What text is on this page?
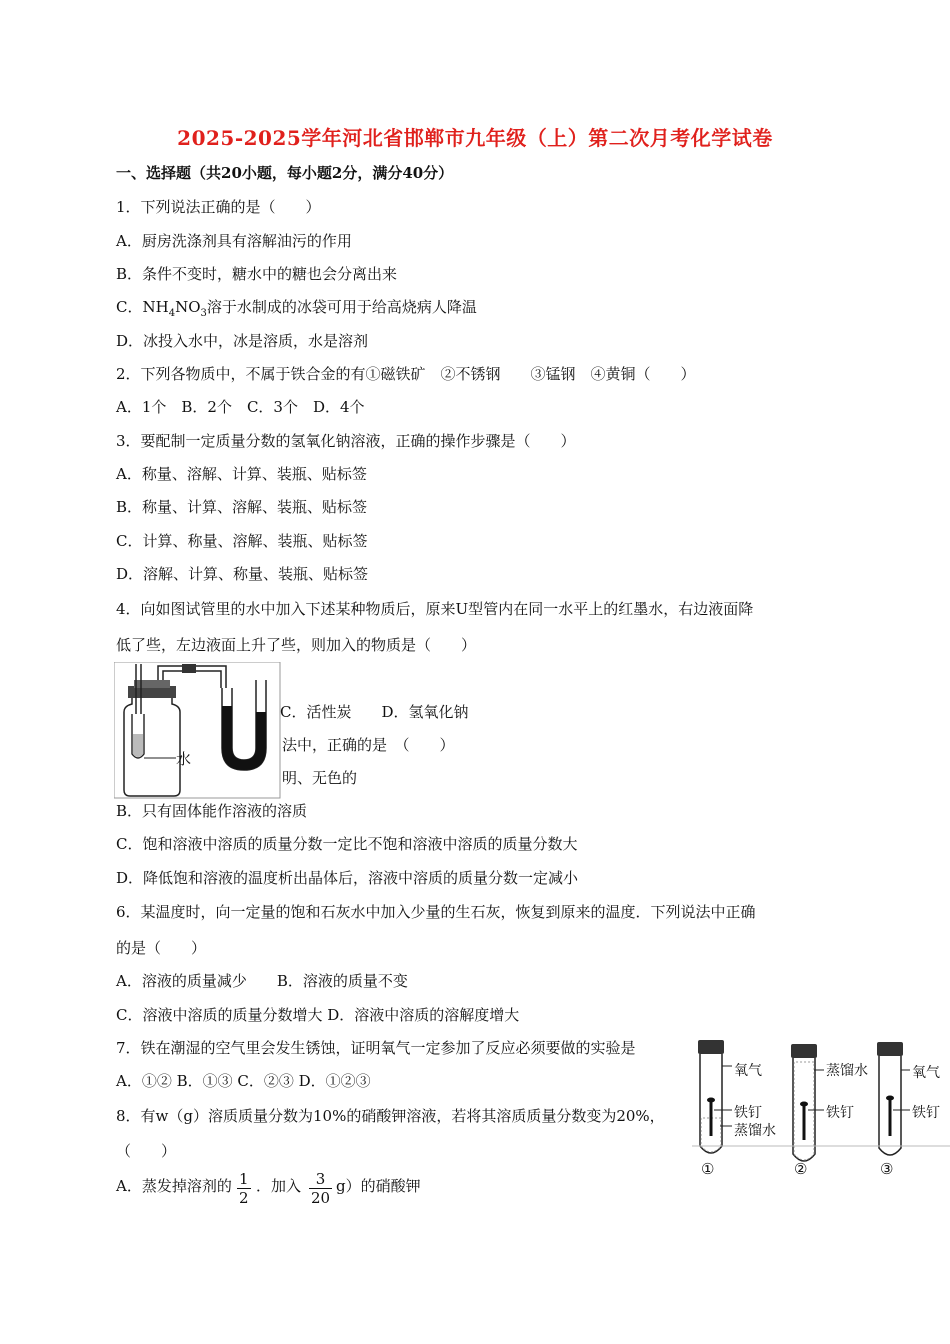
2025-2025学年河北省邯郸市九年级（上）第二次月考化学试卷
一、选择题（共20小题，每小题2分，满分40分）
1．下列说法正确的是（　　）
A．厨房洗涤剂具有溶解油污的作用
B．条件不变时，糖水中的糖也会分离出来
C．$NH_4NO_3$溶于水制成的冰袋可用于给高烧病人降温
D．冰投入水中，冰是溶质，水是溶剂
2．下列各物质中，不属于铁合金的有①磁铁矿　②不锈钢　　③锰钢　④黄铜（　　）
A．1个　B．2个　C．3个　D．4个
3．要配制一定质量分数的氢氧化钠溶液，正确的操作步骤是（　　）
A．称量、溶解、计算、装瓶、贴标签
B．称量、计算、溶解、装瓶、贴标签
C．计算、称量、溶解、装瓶、贴标签
D．溶解、计算、称量、装瓶、贴标签
4．向如图试管里的水中加入下述某种物质后，原来U型管内在同一水平上的红墨水，右边液面降
低了些，左边液面上升了些，则加入的物质是（　　）
C．活性炭　　D．氢氧化钠
水
法中，正确的是　（　　）
明、无色的
B．只有固体能作溶液的溶质
C．饱和溶液中溶质的质量分数一定比不饱和溶液中溶质的质量分数大
D．降低饱和溶液的温度析出晶体后，溶液中溶质的质量分数一定减小
6．某温度时，向一定量的饱和石灰水中加入少量的生石灰，恢复到原来的温度．下列说法中正确
的是（　　）
A．溶液的质量减少　　B．溶液的质量不变
C．溶液中溶质的质量分数增大 D．溶液中溶质的溶解度增大
7．铁在潮湿的空气里会发生锈蚀，证明氧气一定参加了反应必须要做的实验是
A．①② B．①③ C．②③ D．①②③
氧气
铁钉
蒸馏水
蒸馏水
铁钉
氧气
铁钉
①	②	③
8．有w（g）溶质质量分数为10%的硝酸钾溶液，若将其溶质质量分数变为20%，
（　　）
A．蒸发掉溶剂的 $\frac{1}{2}$ ．加入 $\frac{3}{20} g$）的硝酸钾
